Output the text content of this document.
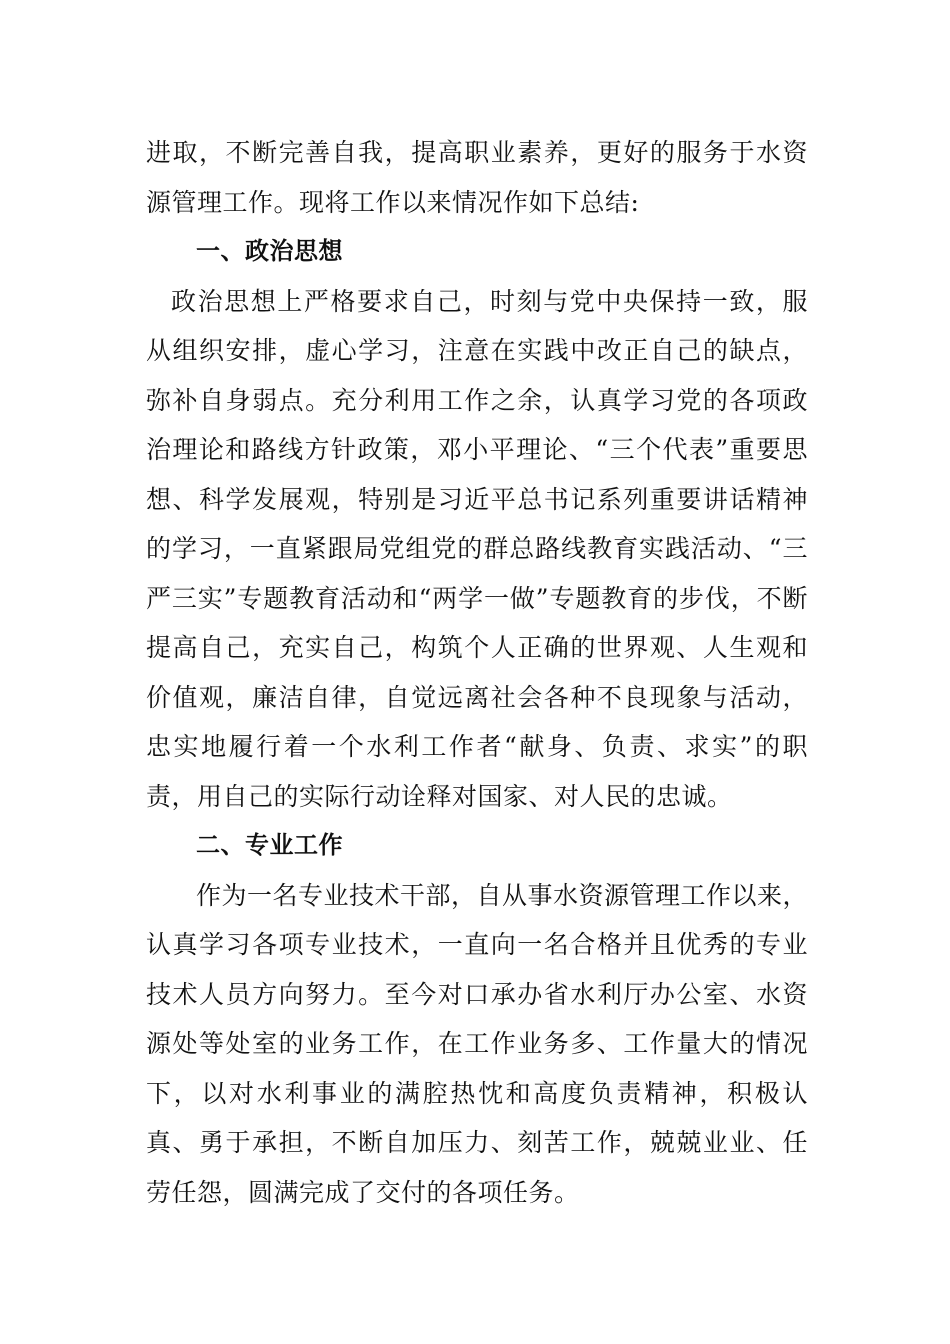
进取，不断完善自我，提高职业素养，更好的服务于水资源管理工作。现将工作以来情况作如下总结:

一、政治思想

政治思想上严格要求自己，时刻与党中央保持一致，服从组织安排，虚心学习，注意在实践中改正自己的缺点，弥补自身弱点。充分利用工作之余，认真学习党的各项政治理论和路线方针政策，邓小平理论、“三个代表”重要思想、科学发展观，特别是习近平总书记系列重要讲话精神的学习，一直紧跟局党组党的群总路线教育实践活动、“三严三实”专题教育活动和“两学一做”专题教育的步伐，不断提高自己，充实自己，构筑个人正确的世界观、人生观和价值观，廉洁自律，自觉远离社会各种不良现象与活动，忠实地履行着一个水利工作者“献身、负责、求实”的职责，用自己的实际行动诠释对国家、对人民的忠诚。

二、专业工作

作为一名专业技术干部，自从事水资源管理工作以来，认真学习各项专业技术，一直向一名合格并且优秀的专业技术人员方向努力。至今对口承办省水利厅办公室、水资源处等处室的业务工作，在工作业务多、工作量大的情况下，以对水利事业的满腔热忱和高度负责精神，积极认真、勇于承担，不断自加压力、刻苦工作，兢兢业业、任劳任怨，圆满完成了交付的各项任务。
